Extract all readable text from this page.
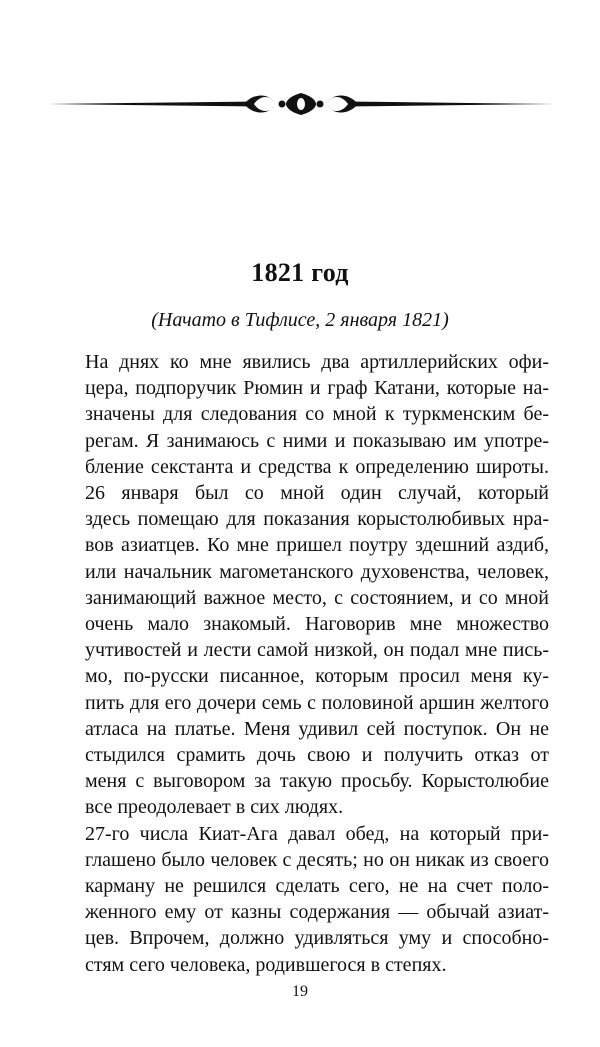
1821 год
(Начато в Тифлисе, 2 января 1821)

На днях ко мне явились два артиллерийских офи-
цера, подпоручик Рюмин и граф Катани, которые на-
значены для следования со мной к туркменским бе-
регам. Я занимаюсь с ними и показываю им употре-
бление секстанта и средства к определению широты.

26 января был со мной один случай, который
здесь помещаю для показания корыстолюбивых нра-
вов азиатцев. Ко мне пришел поутру здешний аздиб,
или начальник магометанского духовенства, человек,
занимающий важное место, с состоянием, и со мной
очень мало знакомый. Наговорив мне множество
учтивостей и лести самой низкой, он подал мне пись-
мо, по-русски писанное, которым просил меня ку-
пить для его дочери семь с половиной аршин желтого
атласа на платье. Меня удивил сей поступок. Он не
стыдился срамить дочь свою и получить отказ от
меня с выговором за такую просьбу. Корыстолюбие
все преодолевает в сих людях.

27-го числа Киат-Ага давал обед, на который при-
глашено было человек с десять; но он никак из своего
карману не решился сделать сего, не на счет поло-
женного ему от казны содержания — обычай азиат-
цев. Впрочем, должно удивляться уму и способно-
стям сего человека, родившегося в степях.

19
